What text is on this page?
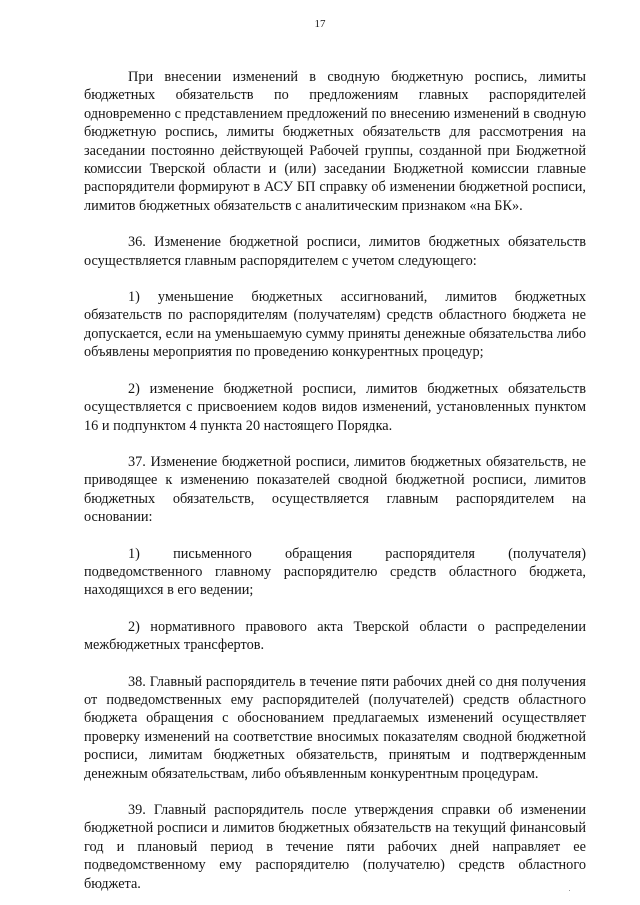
17

При внесении изменений в сводную бюджетную роспись, лимиты бюджетных обязательств по предложениям главных распорядителей одновременно с представлением предложений по внесению изменений в сводную бюджетную роспись, лимиты бюджетных обязательств для рассмотрения на заседании постоянно действующей Рабочей группы, созданной при Бюджетной комиссии Тверской области и (или) заседании Бюджетной комиссии главные распорядители формируют в АСУ БП справку об изменении бюджетной росписи, лимитов бюджетных обязательств с аналитическим признаком «на БК».

36. Изменение бюджетной росписи, лимитов бюджетных обязательств осуществляется главным распорядителем с учетом следующего:

1) уменьшение бюджетных ассигнований, лимитов бюджетных обязательств по распорядителям (получателям) средств областного бюджета не допускается, если на уменьшаемую сумму приняты денежные обязательства либо объявлены мероприятия по проведению конкурентных процедур;

2) изменение бюджетной росписи, лимитов бюджетных обязательств осуществляется с присвоением кодов видов изменений, установленных пунктом 16 и подпунктом 4 пункта 20 настоящего Порядка.

37. Изменение бюджетной росписи, лимитов бюджетных обязательств, не приводящее к изменению показателей сводной бюджетной росписи, лимитов бюджетных обязательств, осуществляется главным распорядителем на основании:

1) письменного обращения распорядителя (получателя) подведомственного главному распорядителю средств областного бюджета, находящихся в его ведении;

2) нормативного правового акта Тверской области о распределении межбюджетных трансфертов.

38. Главный распорядитель в течение пяти рабочих дней со дня получения от подведомственных ему распорядителей (получателей) средств областного бюджета обращения с обоснованием предлагаемых изменений осуществляет проверку изменений на соответствие вносимых показателям сводной бюджетной росписи, лимитам бюджетных обязательств, принятым и подтвержденным денежным обязательствам, либо объявленным конкурентным процедурам.

39. Главный распорядитель после утверждения справки об изменении бюджетной росписи и лимитов бюджетных обязательств на текущий финансовый год и плановый период в течение пяти рабочих дней направляет ее подведомственному ему распорядителю (получателю) средств областного бюджета.
